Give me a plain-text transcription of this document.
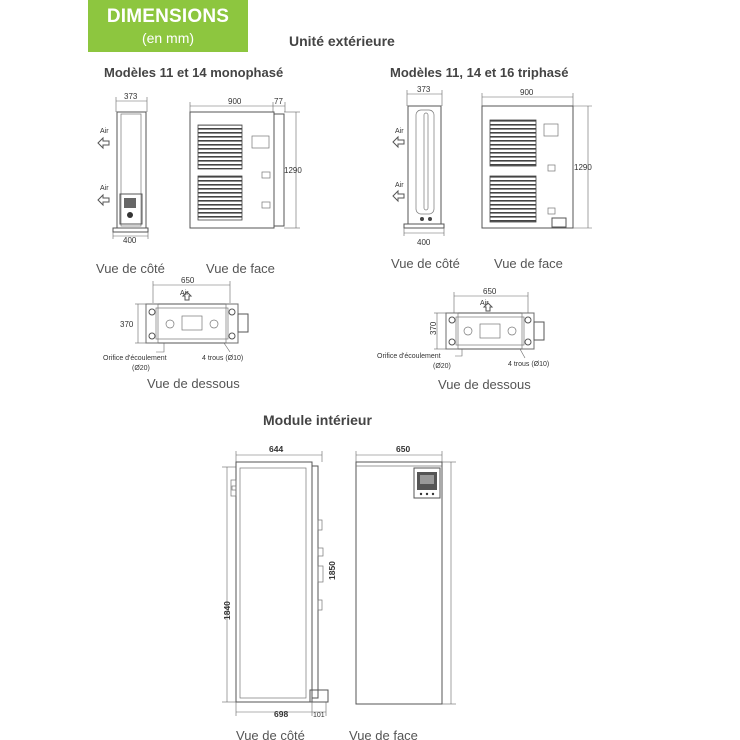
DIMENSIONS
(en mm)	Unité extérieure
Modèles 11 et 14 monophasé	Modèles 11, 14 et 16 triphasé
Module intérieur
373
400
Air
Air
900	77
1290
Vue de côté	Vue de face
650
Air
370
Orifice d'écoulement
(Ø20)
4 trous (Ø10)
Vue de dessous
373
400
Air
Air
900
1290
Vue de côté	Vue de face
650
Air
370
Orifice d'écoulement
(Ø20)	4 trous (Ø10)
Vue de dessous
644
1840
698	101
Vue de côté
650
1850
Vue de face
